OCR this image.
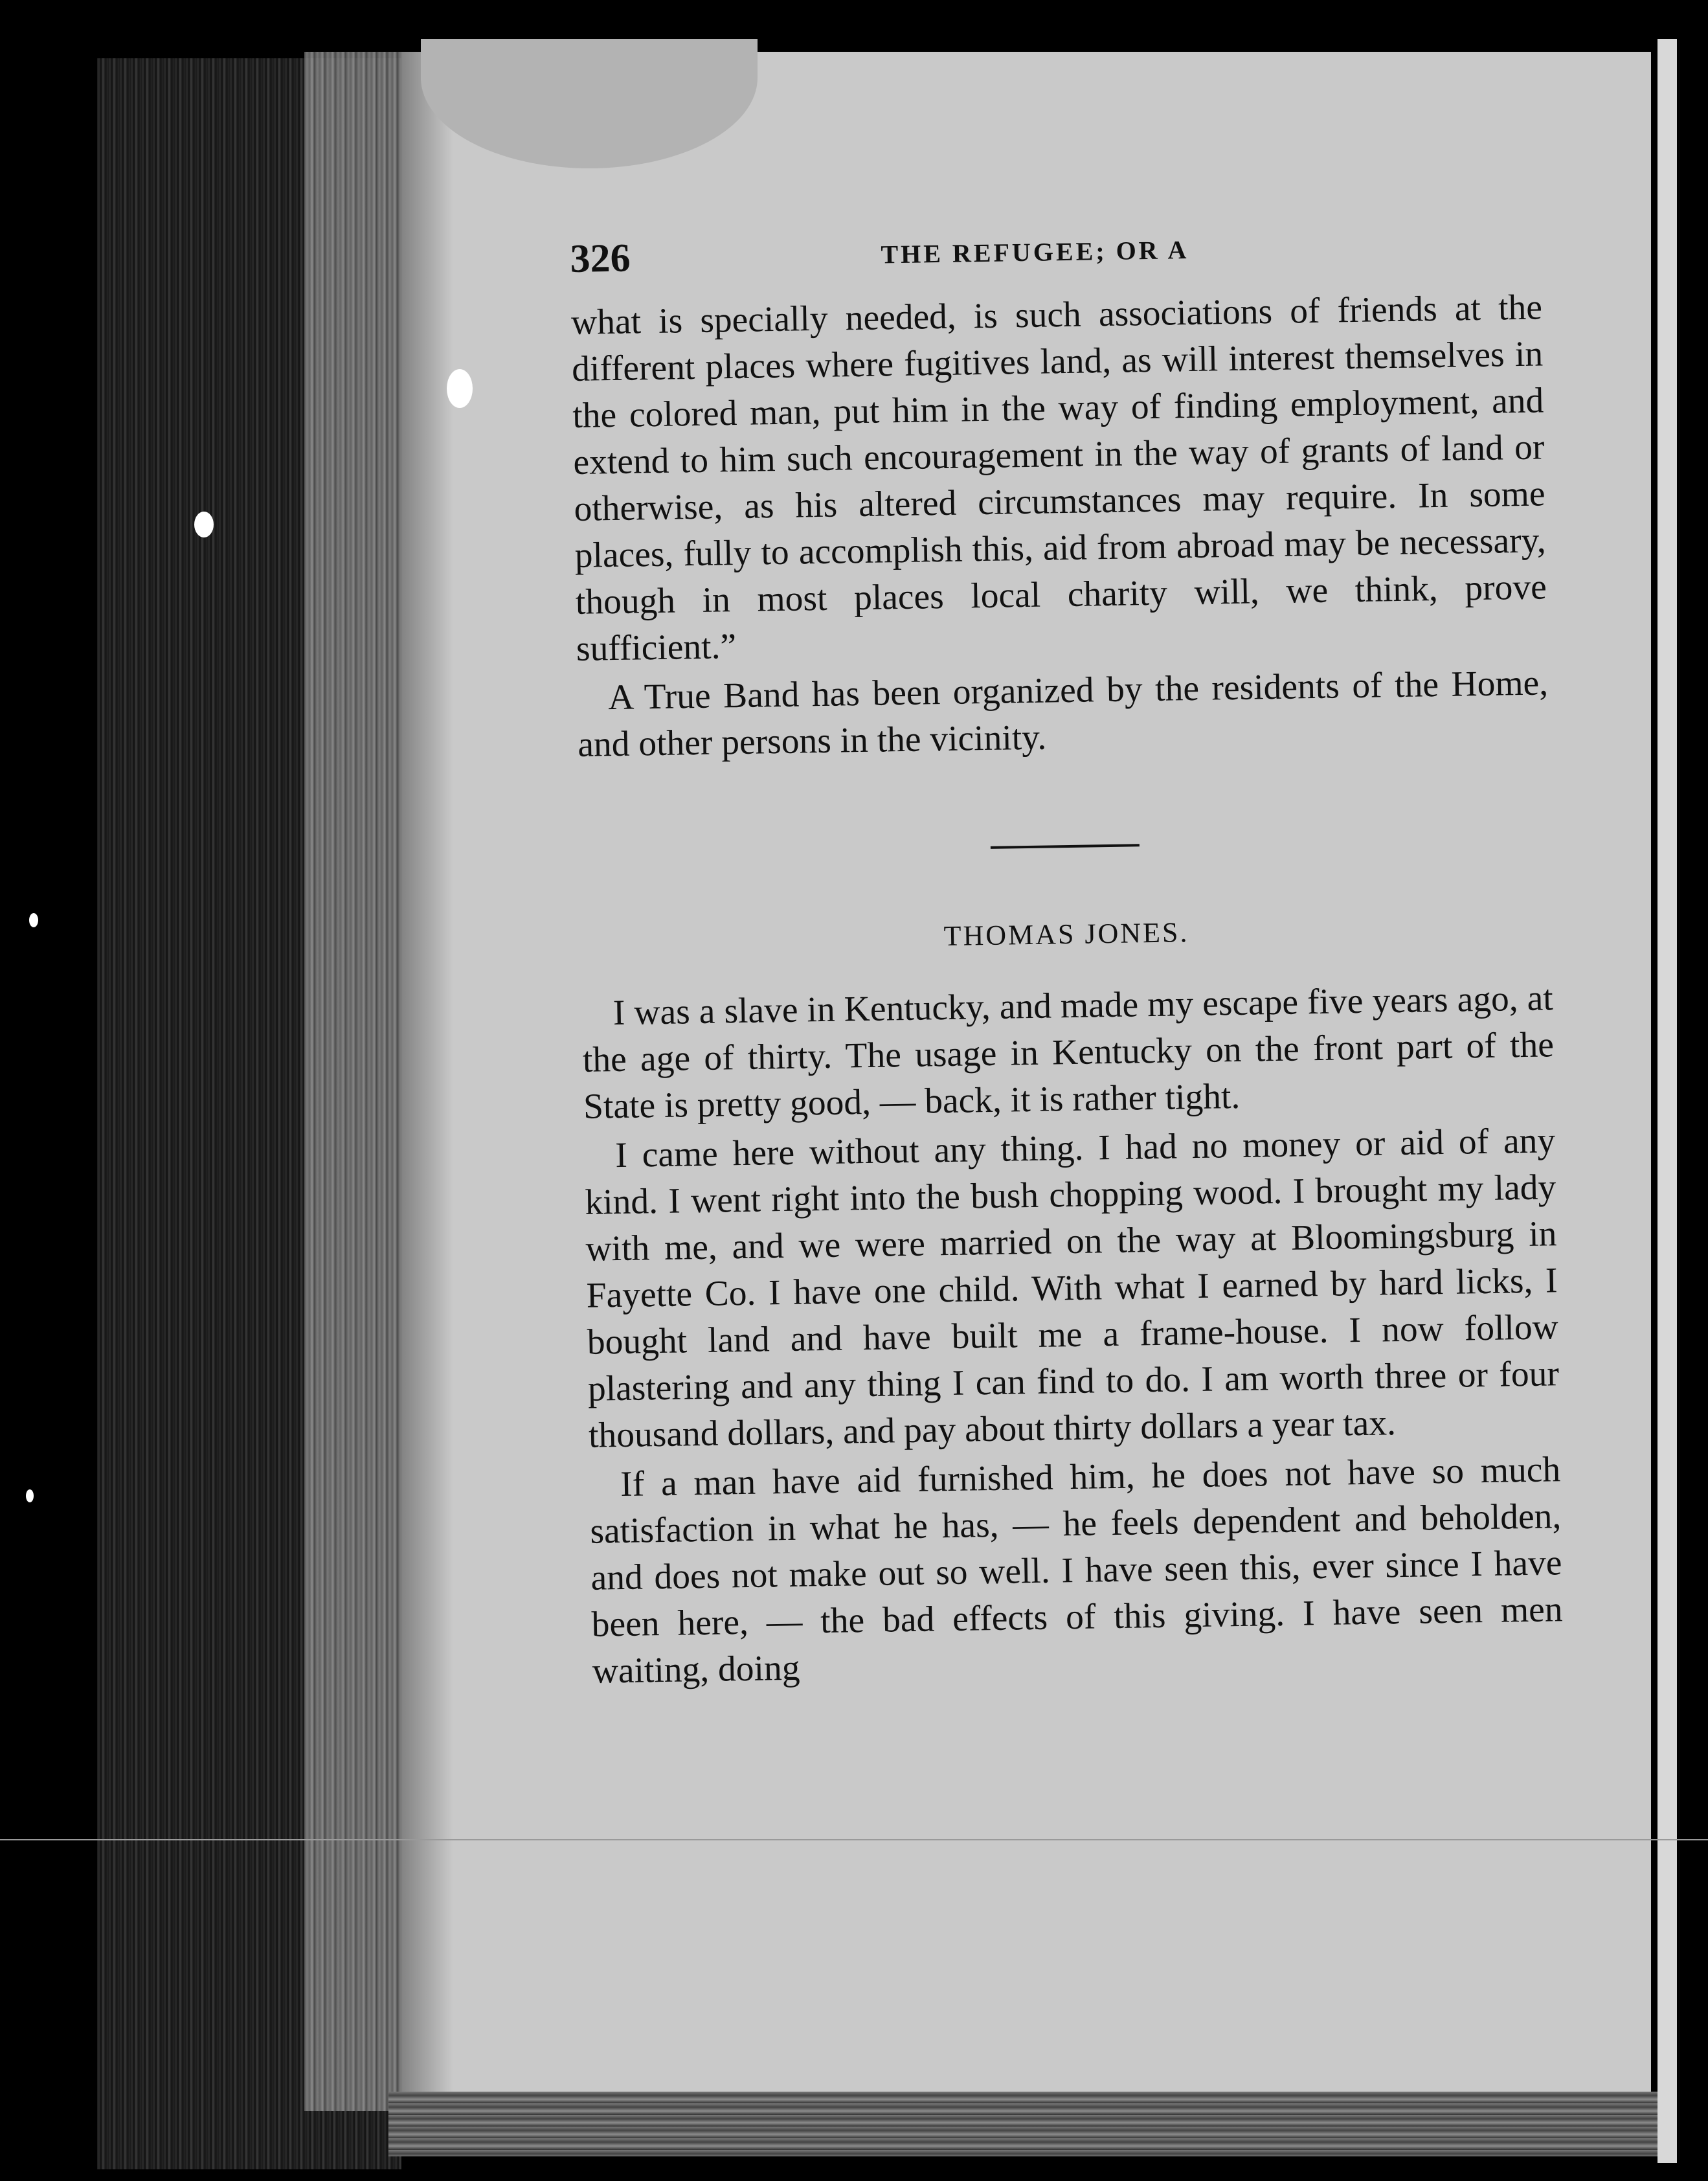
326	THE REFUGEE; OR A

what is specially needed, is such associations of friends at the different places where fugitives land, as will interest themselves in the colored man, put him in the way of finding employment, and extend to him such encouragement in the way of grants of land or otherwise, as his altered circumstances may require. In some places, fully to accomplish this, aid from abroad may be necessary, though in most places local charity will, we think, prove sufficient.”

A True Band has been organized by the residents of the Home, and other persons in the vicinity.

THOMAS JONES.

I was a slave in Kentucky, and made my escape five years ago, at the age of thirty. The usage in Kentucky on the front part of the State is pretty good, — back, it is rather tight.

I came here without any thing. I had no money or aid of any kind. I went right into the bush chopping wood. I brought my lady with me, and we were married on the way at Bloomingsburg in Fayette Co. I have one child. With what I earned by hard licks, I bought land and have built me a frame-house. I now follow plastering and any thing I can find to do. I am worth three or four thousand dollars, and pay about thirty dollars a year tax.

If a man have aid furnished him, he does not have so much satisfaction in what he has, — he feels dependent and beholden, and does not make out so well. I have seen this, ever since I have been here, — the bad effects of this giving. I have seen men waiting, doing
